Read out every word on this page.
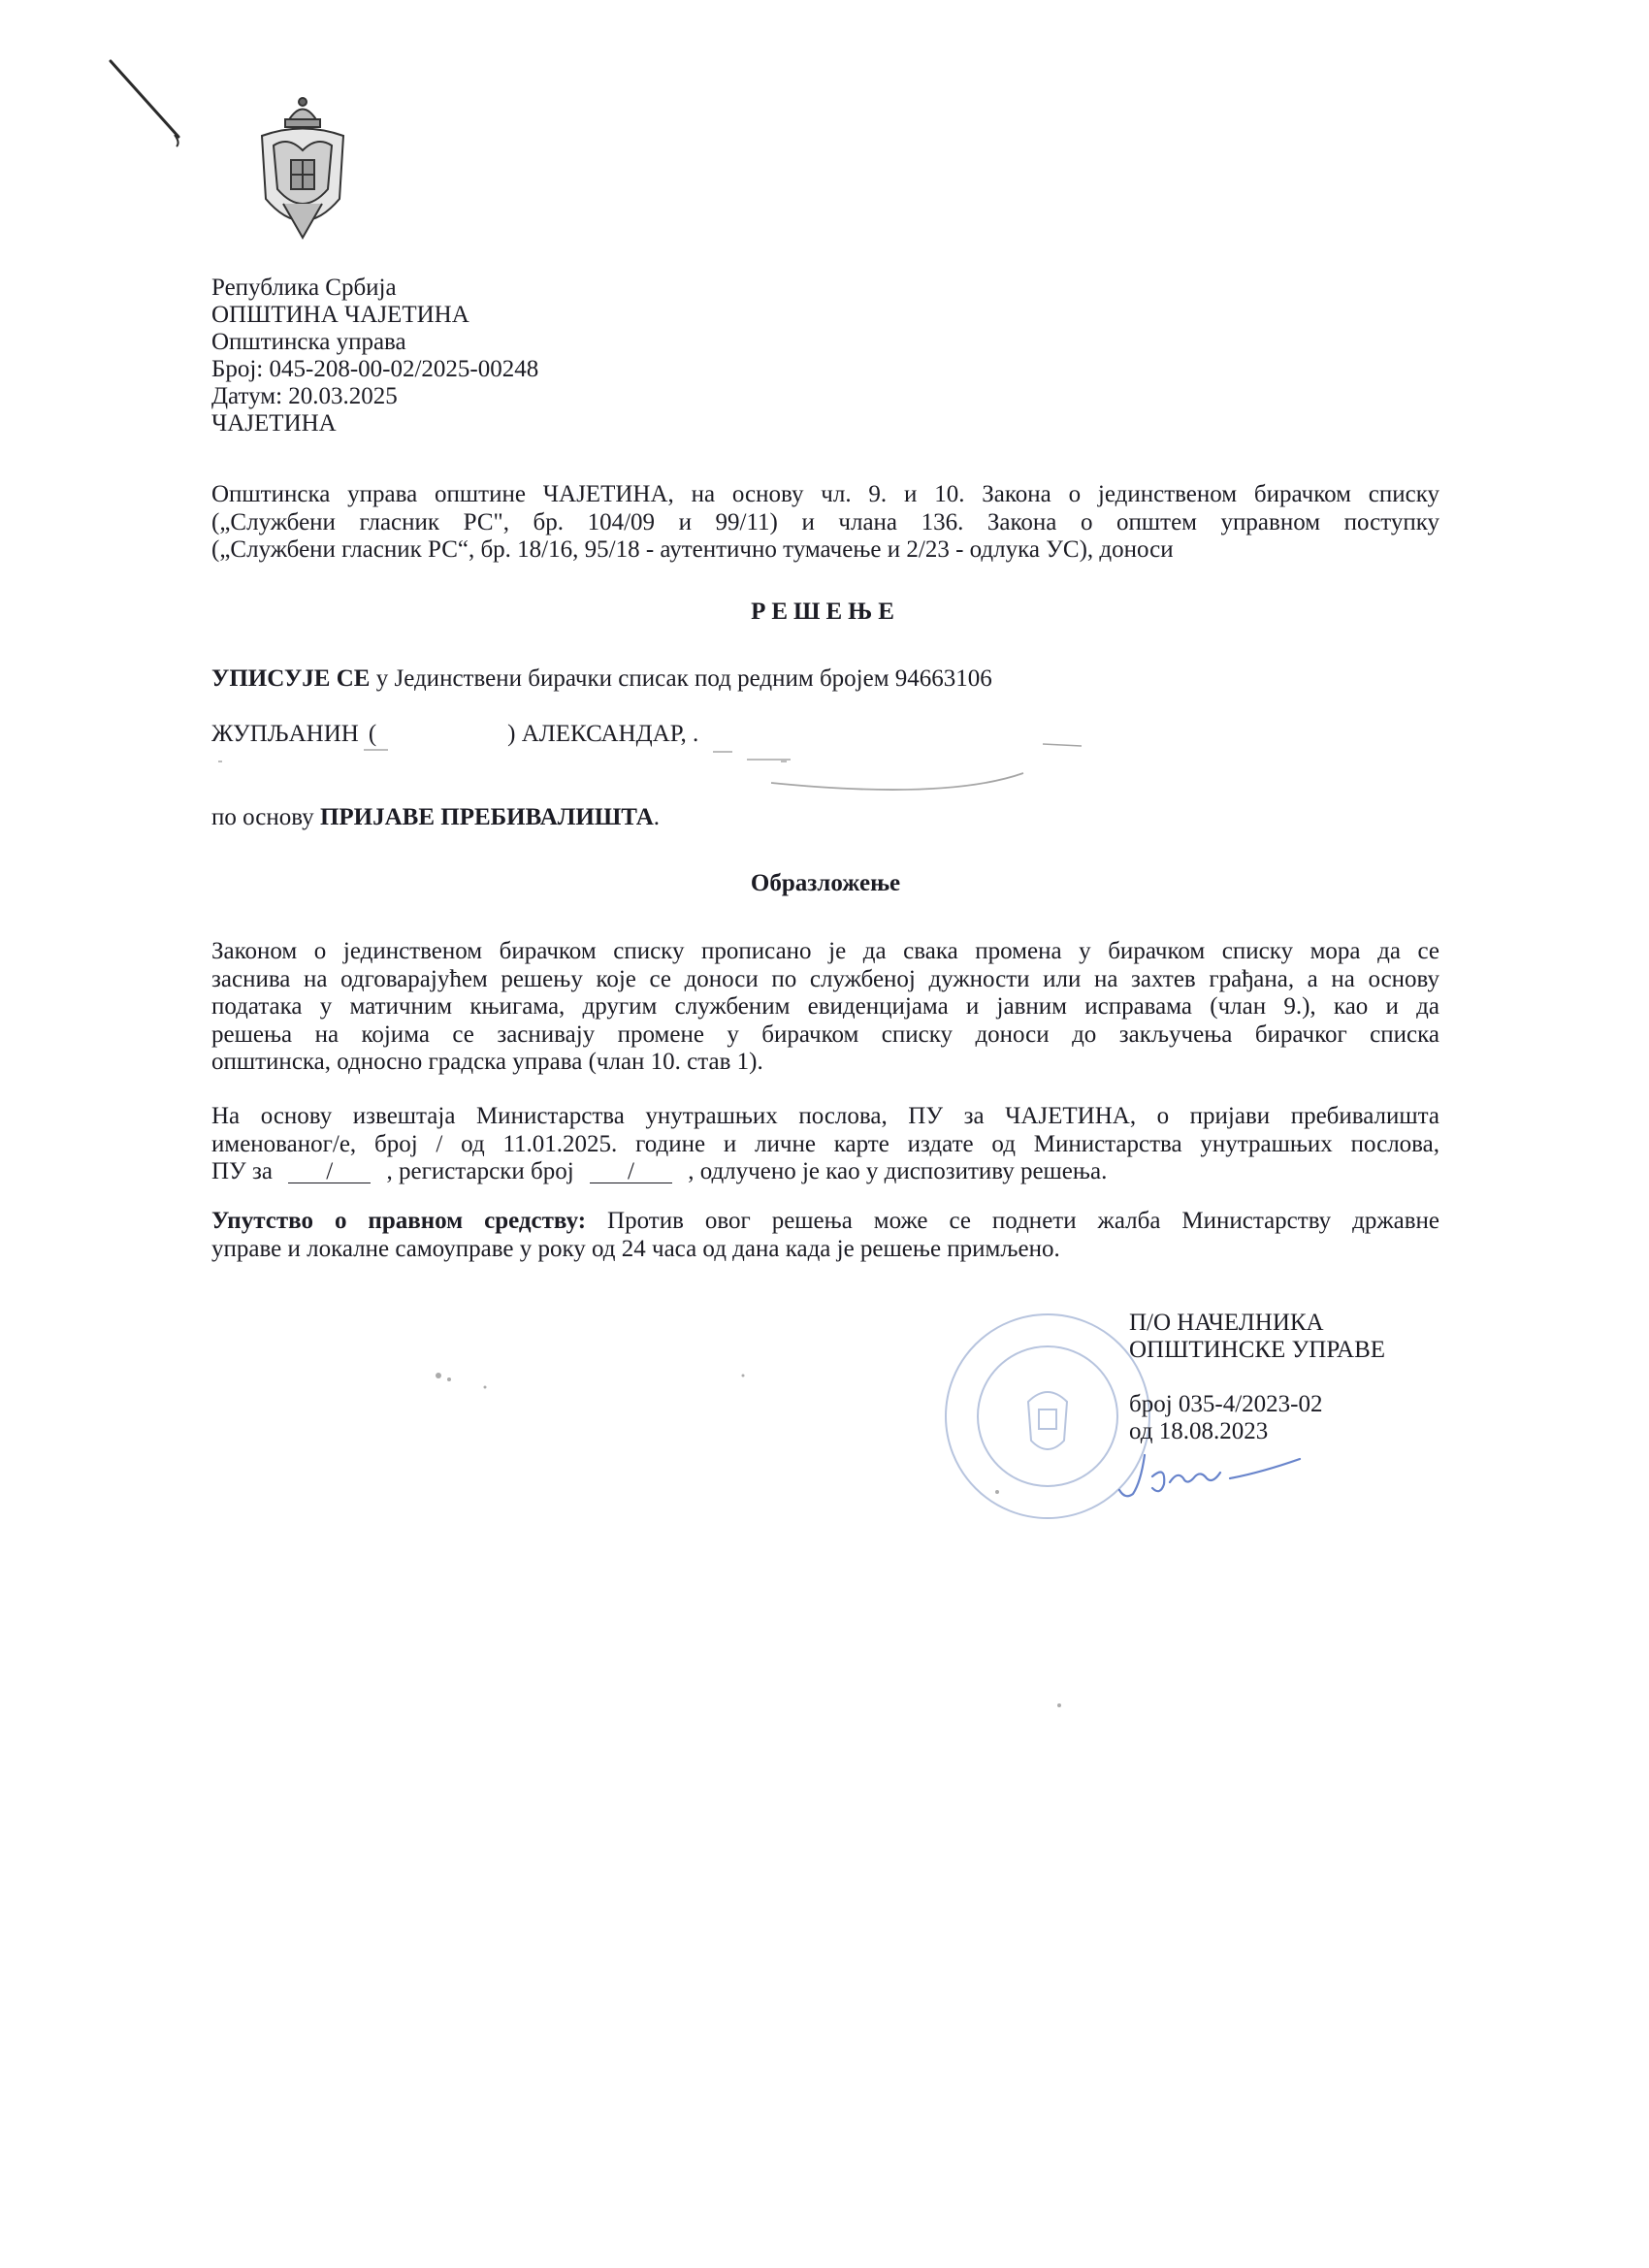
Република Србија
ОПШТИНА ЧАЈЕТИНА
Општинска управа
Број: 045-208-00-02/2025-00248
Датум: 20.03.2025
ЧАЈЕТИНА
Општинска управа општине ЧАЈЕТИНА, на основу чл. 9. и 10. Закона о јединственом бирачком списку
(„Службени гласник РС", бр. 104/09 и 99/11) и члана 136. Закона о општем управном поступку
(„Службени гласник РС“, бр. 18/16, 95/18 - аутентично тумачење и 2/23 - одлука УС), доноси
РЕШЕЊЕ
УПИСУЈЕ СЕ у Јединствени бирачки списак под редним бројем 94663106
ЖУПЉАНИН (	) АЛЕКСАНДАР, .
по основу ПРИЈАВЕ ПРЕБИВАЛИШТА.
Образложење
Законом о јединственом бирачком списку прописано је да свака промена у бирачком списку мора да се
заснива на одговарајућем решењу које се доноси по службеној дужности или на захтев грађана, а на основу
података у матичним књигама, другим службеним евиденцијама и јавним исправама (члан 9.), као и да
решења на којима се заснивају промене у бирачком списку доноси до закључења бирачког списка
општинска, односно градска управа (члан 10. став 1).
На основу извештаја Министарства унутрашњих послова, ПУ за ЧАЈЕТИНА, о пријави пребивалишта
именованог/е, број / од 11.01.2025. године и личне карте издате од Министарства унутрашњих послова,
ПУ за / , регистарски број / , одлучено је као у диспозитиву решења.
Упутство о правном средству: Против овог решења може се поднети жалба Министарству државне
управе и локалне самоуправе у року од 24 часа од дана када је решење примљено.
П/О НАЧЕЛНИКА
ОПШТИНСКЕ УПРАВЕ
број 035-4/2023-02
од 18.08.2023
